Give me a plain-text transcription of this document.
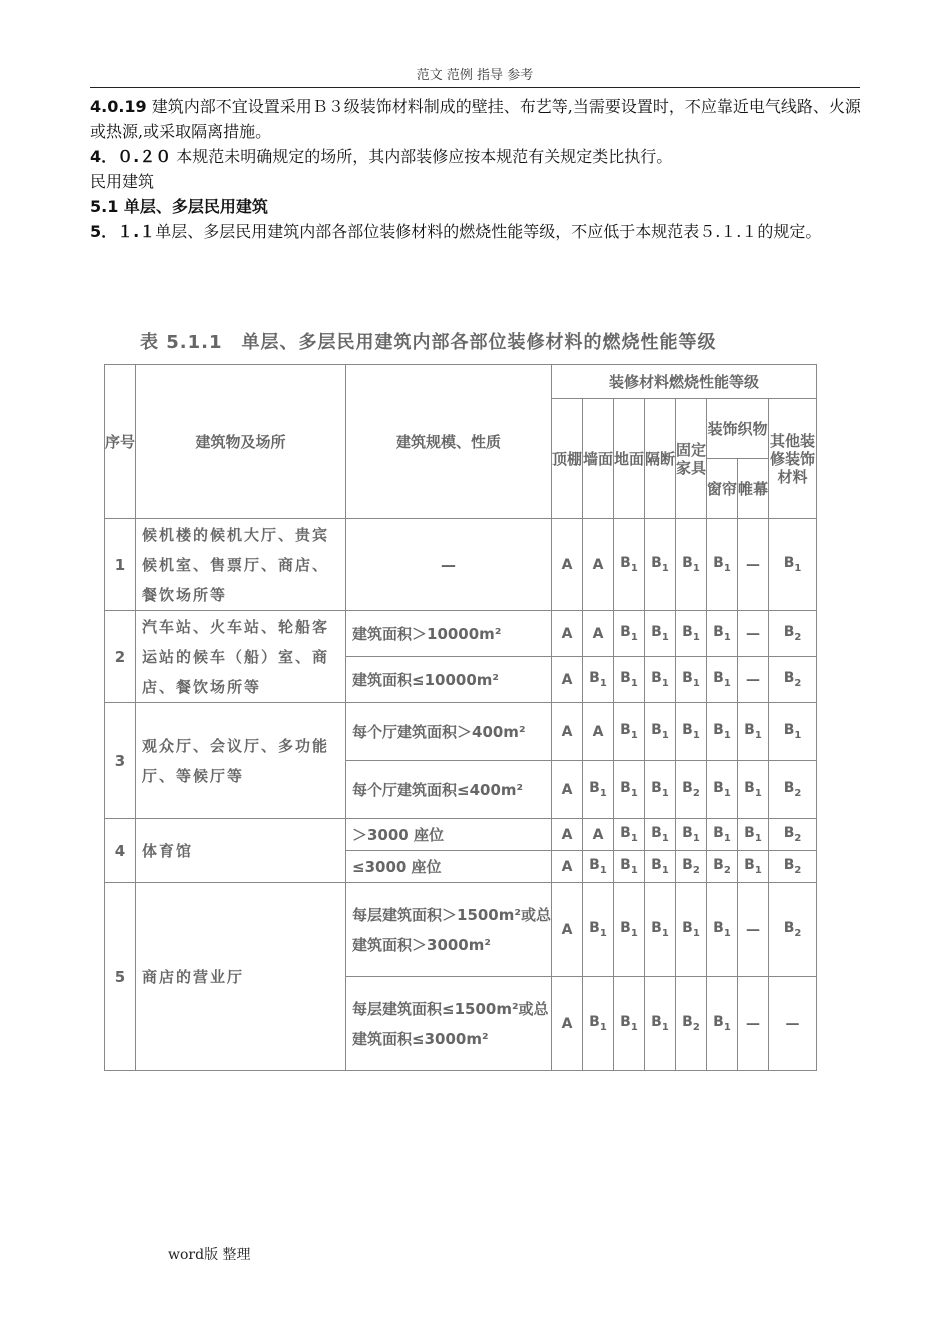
范文 范例 指导 参考

4.0.19 建筑内部不宜设置采用Ｂ３级装饰材料制成的壁挂、布艺等,当需要设置时，不应靠近电气线路、火源或热源,或采取隔离措施。

4．０.２０ 本规范未明确规定的场所，其内部装修应按本规范有关规定类比执行。

民用建筑

5.1 单层、多层民用建筑

5．１.１单层、多层民用建筑内部各部位装修材料的燃烧性能等级，不应低于本规范表５.１.１的规定。

表 5.1.1　单层、多层民用建筑内部各部位装修材料的燃烧性能等级
序号	建筑物及场所	建筑规模、性质	装修材料燃烧性能等级							
			顶棚	墙面	地面	隔断	固定家具	装饰织物		其他装修装饰材料
								窗帘	帷幕	
1	候机楼的候机大厅、贵宾候机室、售票厅、商店、餐饮场所等	—	A	A	$B_1$	$B_1$	$B_1$	$B_1$	—	$B_1$
2	汽车站、火车站、轮船客运站的候车（船）室、商店、餐饮场所等	建筑面积＞10000m²	A	A	$B_1$	$B_1$	$B_1$	$B_1$	—	$B_2$
		建筑面积≤10000m²	A	$B_1$	$B_1$	$B_1$	$B_1$	$B_1$	—	$B_2$
3	观众厅、会议厅、多功能厅、等候厅等	每个厅建筑面积＞400m²	A	A	$B_1$	$B_1$	$B_1$	$B_1$	$B_1$	$B_1$
		每个厅建筑面积≤400m²	A	$B_1$	$B_1$	$B_1$	$B_2$	$B_1$	$B_1$	$B_2$
4	体育馆	＞3000 座位	A	A	$B_1$	$B_1$	$B_1$	$B_1$	$B_1$	$B_2$
		≤3000 座位	A	$B_1$	$B_1$	$B_1$	$B_2$	$B_2$	$B_1$	$B_2$
5	商店的营业厅	每层建筑面积＞1500m²或总建筑面积＞3000m²	A	$B_1$	$B_1$	$B_1$	$B_1$	$B_1$	—	$B_2$
		每层建筑面积≤1500m²或总建筑面积≤3000m²	A	$B_1$	$B_1$	$B_1$	$B_2$	$B_1$	—	—
word版 整理
